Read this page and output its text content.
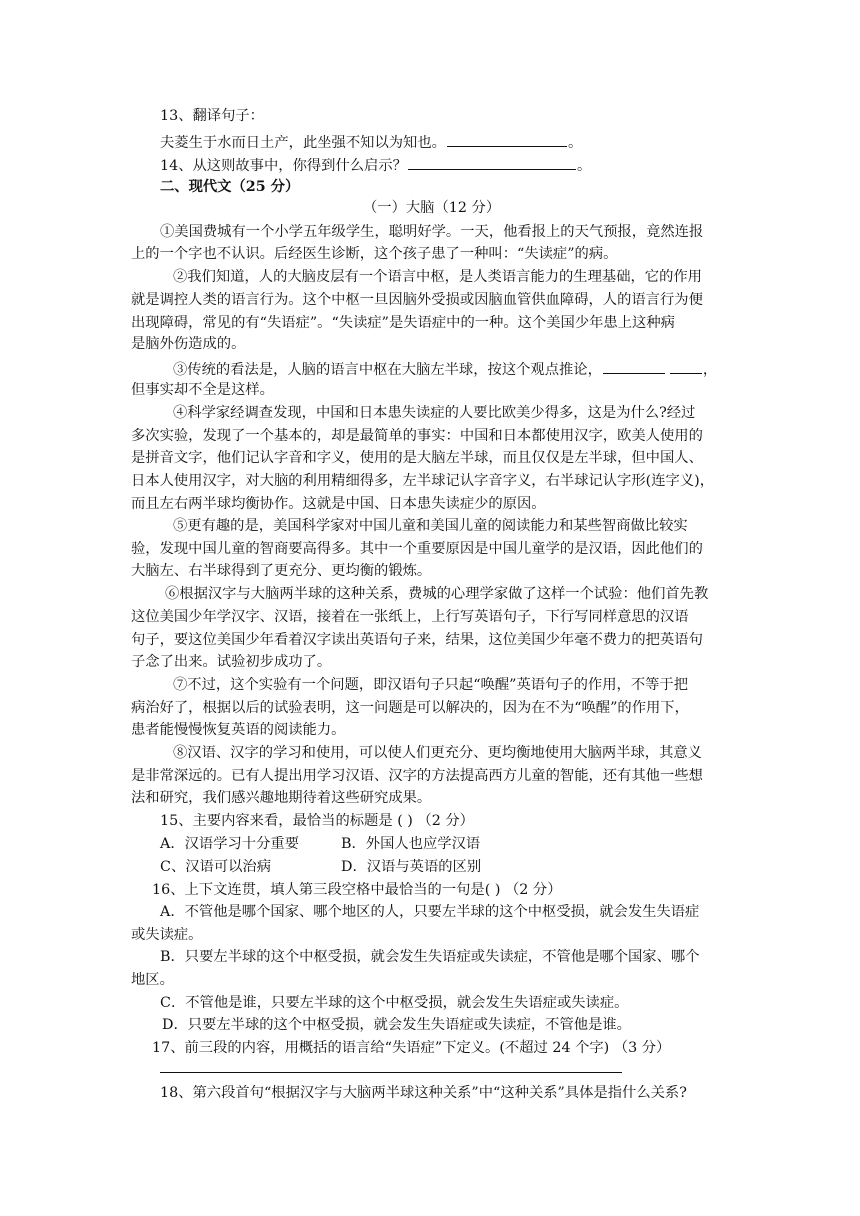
13、翻译句子：
夫菱生于水而日土产，此坐强不知以为知也。	。
14、从这则故事中，你得到什么启示？	。
二、现代文（25 分）
（一）大脑（12 分）
①美国费城有一个小学五年级学生，聪明好学。一天，他看报上的天气预报，竟然连报
上的一个字也不认识。后经医生诊断，这个孩子患了一种叫：“失读症”的病。
②我们知道，人的大脑皮层有一个语言中枢，是人类语言能力的生理基础，它的作用
就是调控人类的语言行为。这个中枢一旦因脑外受损或因脑血管供血障碍，人的语言行为便
出现障碍，常见的有“失语症”。“失读症”是失语症中的一种。这个美国少年患上这种病
是脑外伤造成的。
③传统的看法是，人脑的语言中枢在大脑左半球，按这个观点推论，	，
但事实却不全是这样。
④科学家经调查发现，中国和日本患失读症的人要比欧美少得多，这是为什么?经过
多次实验，发现了一个基本的，却是最简单的事实：中国和日本都使用汉字，欧美人使用的
是拼音文字，他们记认字音和字义，使用的是大脑左半球，而且仅仅是左半球，但中国人、
日本人使用汉字，对大脑的利用精细得多，左半球记认字音字义，右半球记认字形(连字义)，
而且左右两半球均衡协作。这就是中国、日本患失读症少的原因。
⑤更有趣的是，美国科学家对中国儿童和美国儿童的阅读能力和某些智商做比较实
验，发现中国儿童的智商要高得多。其中一个重要原因是中国儿童学的是汉语，因此他们的
大脑左、右半球得到了更充分、更均衡的锻炼。
⑥根据汉字与大脑两半球的这种关系，费城的心理学家做了这样一个试验：他们首先教
这位美国少年学汉字、汉语，接着在一张纸上，上行写英语句子，下行写同样意思的汉语
句子，要这位美国少年看着汉字读出英语句子来，结果，这位美国少年毫不费力的把英语句
子念了出来。试验初步成功了。
⑦不过，这个实验有一个问题，即汉语句子只起“唤醒”英语句子的作用，不等于把
病治好了，根据以后的试验表明，这一问题是可以解决的，因为在不为“唤醒”的作用下，
患者能慢慢恢复英语的阅读能力。
⑧汉语、汉字的学习和使用，可以使人们更充分、更均衡地使用大脑两半球，其意义
是非常深远的。已有人提出用学习汉语、汉字的方法提高西方儿童的智能，还有其他一些想
法和研究，我们感兴趣地期待着这些研究成果。
15、主要内容来看，最恰当的标题是 ( ) （2 分）
A．汉语学习十分重要	B．外国人也应学汉语
C、汉语可以治病	D．汉语与英语的区别
16、上下文连贯，填人第三段空格中最恰当的一句是( ) （2 分）
A．不管他是哪个国家、哪个地区的人，只要左半球的这个中枢受损，就会发生失语症
或失读症。
B．只要左半球的这个中枢受损，就会发生失语症或失读症，不管他是哪个国家、哪个
地区。
C．不管他是谁，只要左半球的这个中枢受损，就会发生失语症或失读症。
D．只要左半球的这个中枢受损，就会发生失语症或失读症，不管他是谁。
17、前三段的内容，用概括的语言给“失语症”下定义。(不超过 24 个字) （3 分）
18、第六段首句“根据汉字与大脑两半球这种关系”中“这种关系”具体是指什么关系?
